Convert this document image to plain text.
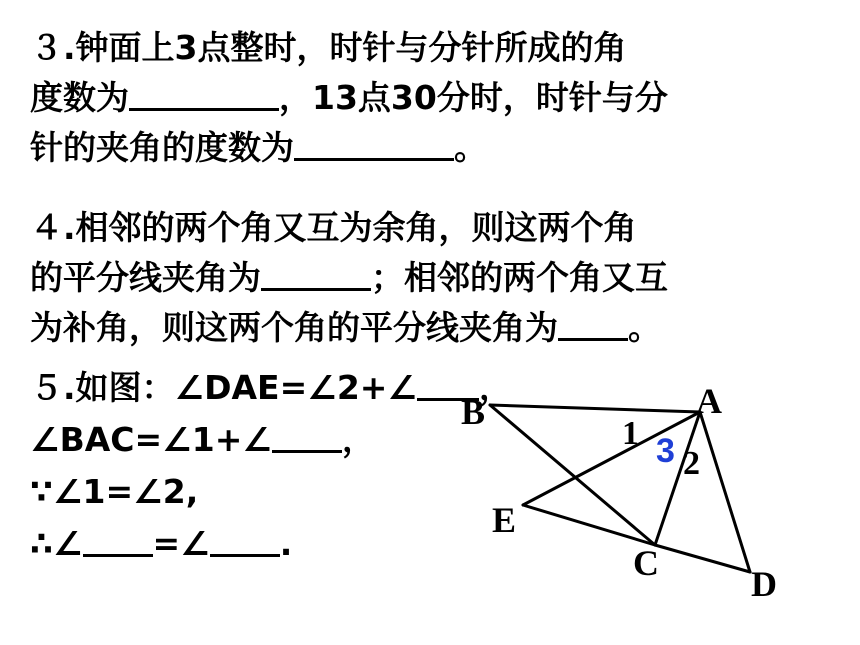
３.钟面上3点整时，时针与分针所成的角
度数为	，13点30分时，时针与分
针的夹角的度数为	。
４.相邻的两个角又互为余角，则这两个角
的平分线夹角为	；相邻的两个角又互
为补角，则这两个角的平分线夹角为 。
５.如图：∠DAE=∠2+∠ ，
∠BAC=∠1+∠ ，
∵∠1=∠2,
∴∠ =∠ .
B	A
E
C
D
1 3 2
